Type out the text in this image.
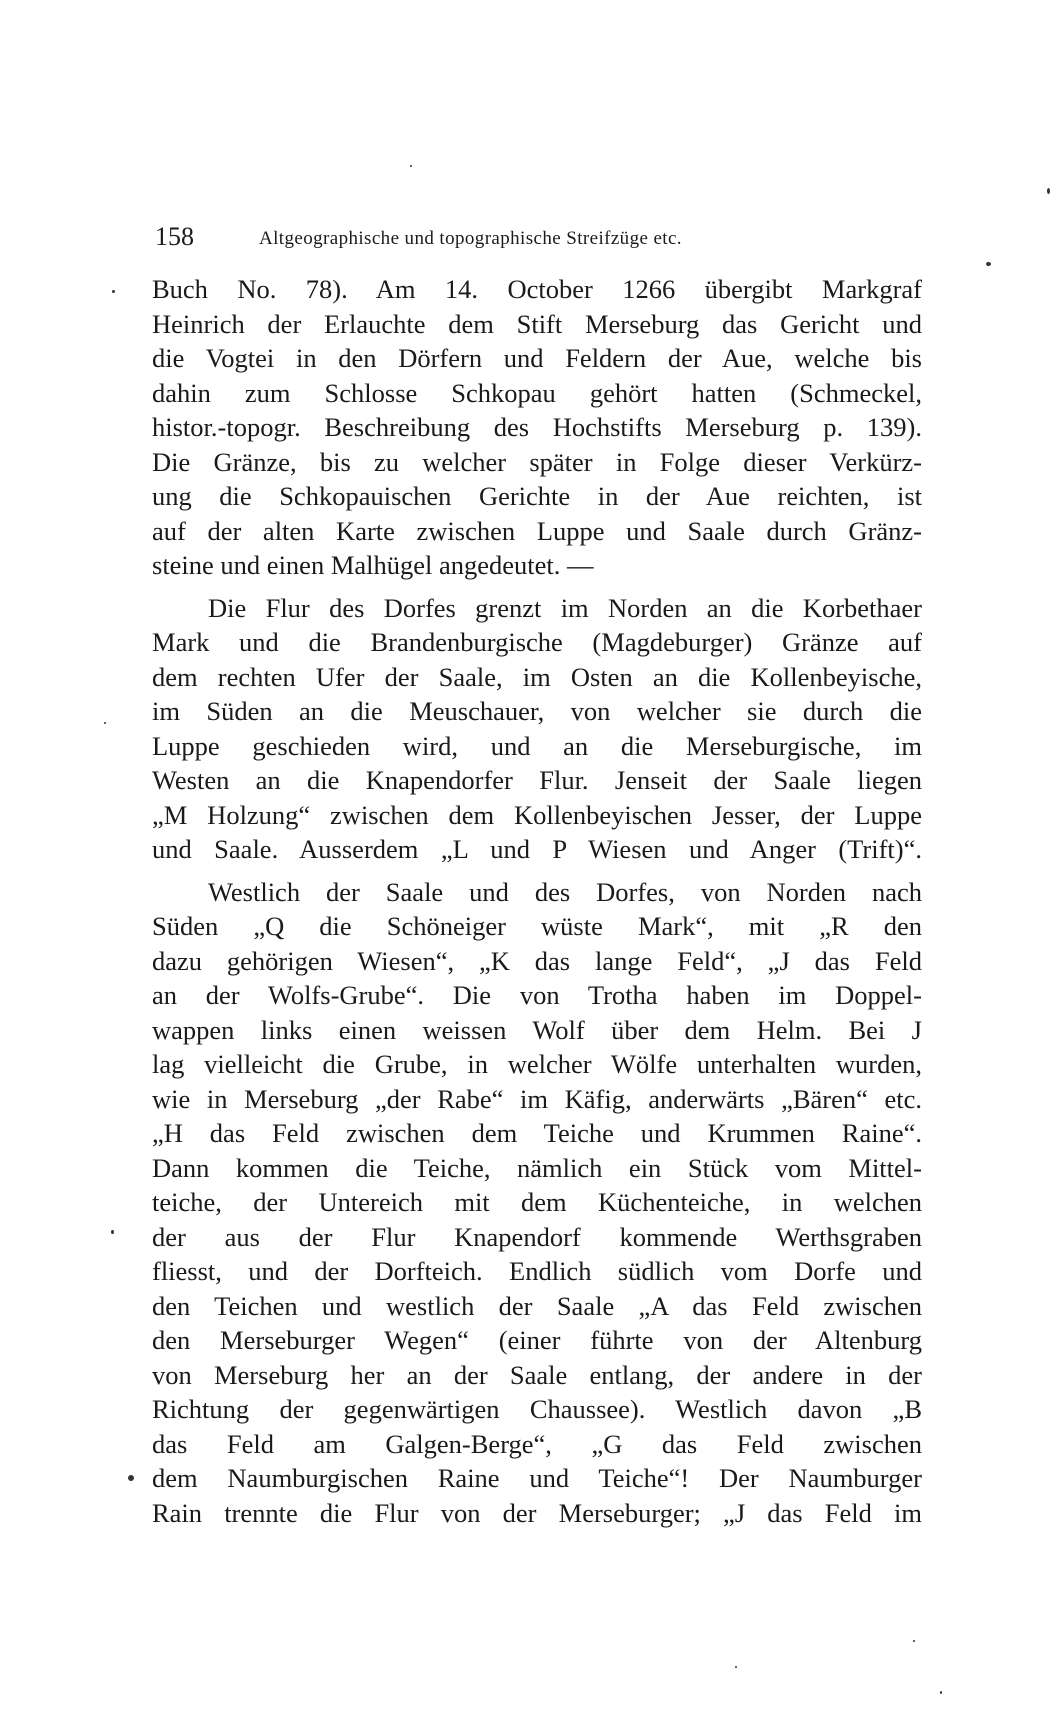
158	Altgeographische und topographische Streifzüge etc.
Buch No. 78). Am 14. October 1266 übergibt Markgraf
Heinrich der Erlauchte dem Stift Merseburg das Gericht und
die Vogtei in den Dörfern und Feldern der Aue, welche bis
dahin zum Schlosse Schkopau gehört hatten (Schmeckel,
histor.-topogr. Beschreibung des Hochstifts Merseburg p. 139).
Die Gränze, bis zu welcher später in Folge dieser Verkürz-
ung die Schkopauischen Gerichte in der Aue reichten, ist
auf der alten Karte zwischen Luppe und Saale durch Gränz-
steine und einen Malhügel angedeutet. —
Die Flur des Dorfes grenzt im Norden an die Korbethaer
Mark und die Brandenburgische (Magdeburger) Gränze auf
dem rechten Ufer der Saale, im Osten an die Kollenbeyische,
im Süden an die Meuschauer, von welcher sie durch die
Luppe geschieden wird, und an die Merseburgische, im
Westen an die Knapendorfer Flur. Jenseit der Saale liegen
„M Holzung“ zwischen dem Kollenbeyischen Jesser, der Luppe
und Saale. Ausserdem „L und P Wiesen und Anger (Trift)“.
Westlich der Saale und des Dorfes, von Norden nach
Süden „Q die Schöneiger wüste Mark“, mit „R den
dazu gehörigen Wiesen“, „K das lange Feld“, „J das Feld
an der Wolfs-Grube“. Die von Trotha haben im Doppel-
wappen links einen weissen Wolf über dem Helm. Bei J
lag vielleicht die Grube, in welcher Wölfe unterhalten wurden,
wie in Merseburg „der Rabe“ im Käfig, anderwärts „Bären“ etc.
„H das Feld zwischen dem Teiche und Krummen Raine“.
Dann kommen die Teiche, nämlich ein Stück vom Mittel-
teiche, der Untereich mit dem Küchenteiche, in welchen
der aus der Flur Knapendorf kommende Werthsgraben
fliesst, und der Dorfteich. Endlich südlich vom Dorfe und
den Teichen und westlich der Saale „A das Feld zwischen
den Merseburger Wegen“ (einer führte von der Altenburg
von Merseburg her an der Saale entlang, der andere in der
Richtung der gegenwärtigen Chaussee). Westlich davon „B
das Feld am Galgen-Berge“, „G das Feld zwischen
dem Naumburgischen Raine und Teiche“! Der Naumburger
Rain trennte die Flur von der Merseburger; „J das Feld im
